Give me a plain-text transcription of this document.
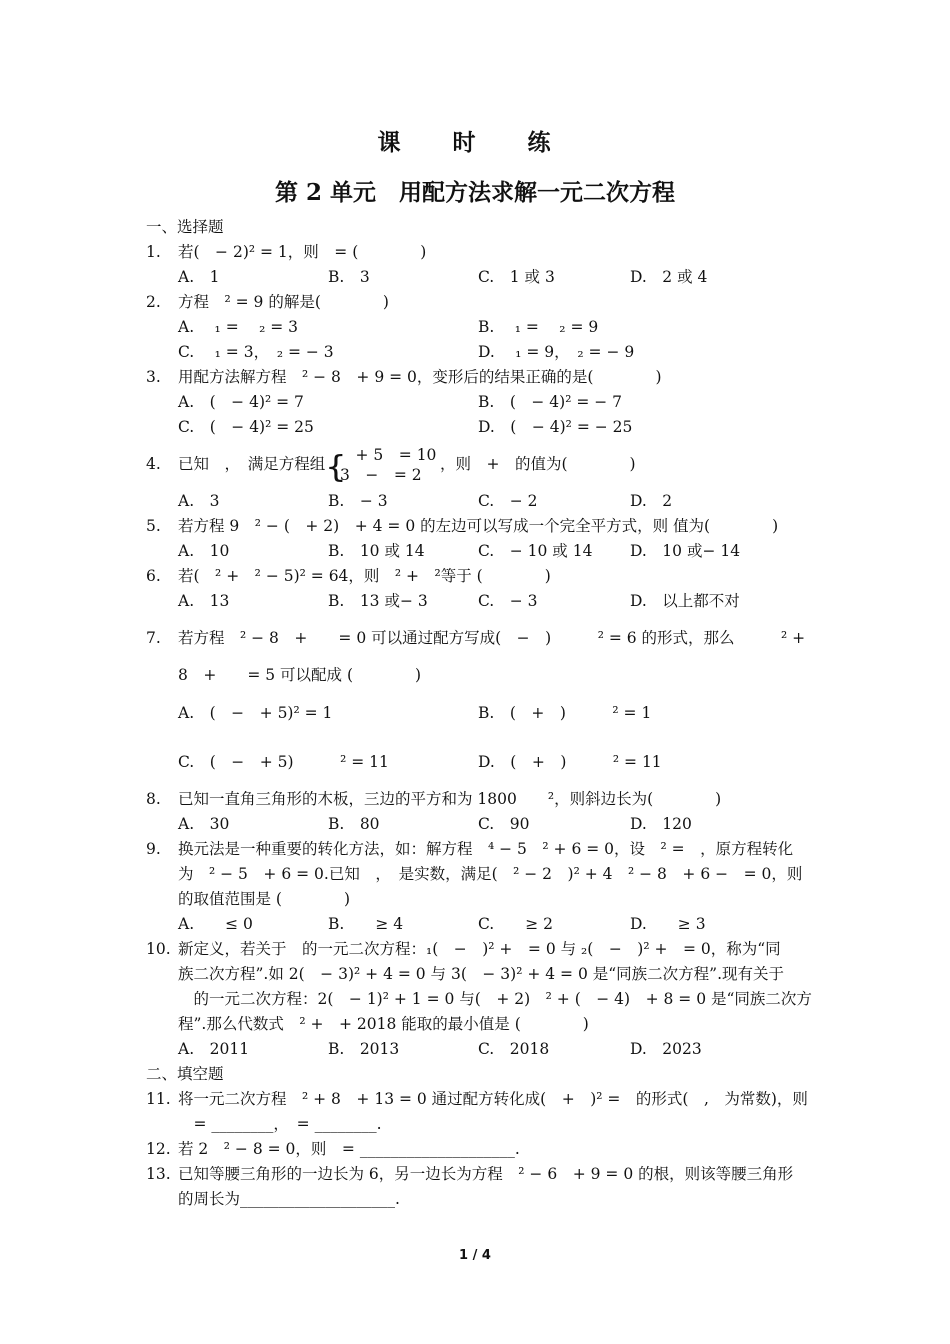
课 时 练
第 2 单元　用配方法求解一元二次方程
一、选择题
1. 若(　− 2)² = 1，则　= (　　　　)
A.　1	B.　3	C.　1 或 3	D.　2 或 4
2. 方程　² = 9 的解是(　　　　)
A.　 ₁ = 　₂ = 3	B.　 ₁ = 　₂ = 9
C.　 ₁ = 3，　₂ = − 3	D.　 ₁ = 9，　₂ = − 9
3. 用配方法解方程　² − 8　+ 9 = 0，变形后的结果正确的是(　　　　)
A.　(　− 4)² = 7	B.　(　− 4)² = − 7
C.　(　− 4)² = 25	D.　(　− 4)² = − 25
4. 已知　，　满足方程组 {
　+ 5　= 10
3　−　= 2
，则　+　的值为(　　　　)
A.　3	B.　− 3	C.　− 2	D.　2
5. 若方程 9　² − (　+ 2)　+ 4 = 0 的左边可以写成一个完全平方式，则 值为(　　　　)
A.　10	B.　10 或 14	C.　− 10 或 14 D.　10 或− 14
6. 若(　² +　² − 5)² = 64，则　² +　²等于 (　　　　)
A.　13	B.　13 或− 3	C.　− 3	D.　以上都不对
7. 若方程　² − 8　+　　= 0 可以通过配方写成(　−　)　　　² = 6 的形式，那么　　　² +
8　+　　= 5 可以配成 (　　　　)
A.　(　−　+ 5)² = 1	B.　(　+　)　　　² = 1
C.　(　−　+ 5)　　　² = 11	D.　(　+　)　　　² = 11
8. 已知一直角三角形的木板，三边的平方和为 1800　　²，则斜边长为(　　　　)
A.　30	B.　80	C.　90	D.　120
9. 换元法是一种重要的转化方法，如：解方程　⁴ − 5　² + 6 = 0，设　² =　，原方程转化
为　² − 5　+ 6 = 0.已知　，　是实数，满足(　² − 2　)² + 4　² − 8　+ 6 −　= 0，则
的取值范围是 (　　　　)
A.　　≤ 0	B.　　≥ 4	C.　　≥ 2	D.　　≥ 3
10. 新定义，若关于　的一元二次方程：₁(　−　)² +　= 0 与 ₂(　−　)² +　= 0，称为“同
族二次方程”.如 2(　− 3)² + 4 = 0 与 3(　− 3)² + 4 = 0 是“同族二次方程”.现有关于
　的一元二次方程：2(　− 1)² + 1 = 0 与(　+ 2)　² + (　− 4)　+ 8 = 0 是“同族二次方
程”.那么代数式　² +　+ 2018 能取的最小值是 (　　　　)
A.　2011	B.　2013	C.　2018	D.　2023
二、填空题
11. 将一元二次方程　² + 8　+ 13 = 0 通过配方转化成(　+　)² =　的形式(　,　为常数)，则
　= ________，　= ________.
12. 若 2　² − 8 = 0，则　= ____________________.
13. 已知等腰三角形的一边长为 6，另一边长为方程　² − 6　+ 9 = 0 的根，则该等腰三角形
的周长为____________________.
1 / 4
